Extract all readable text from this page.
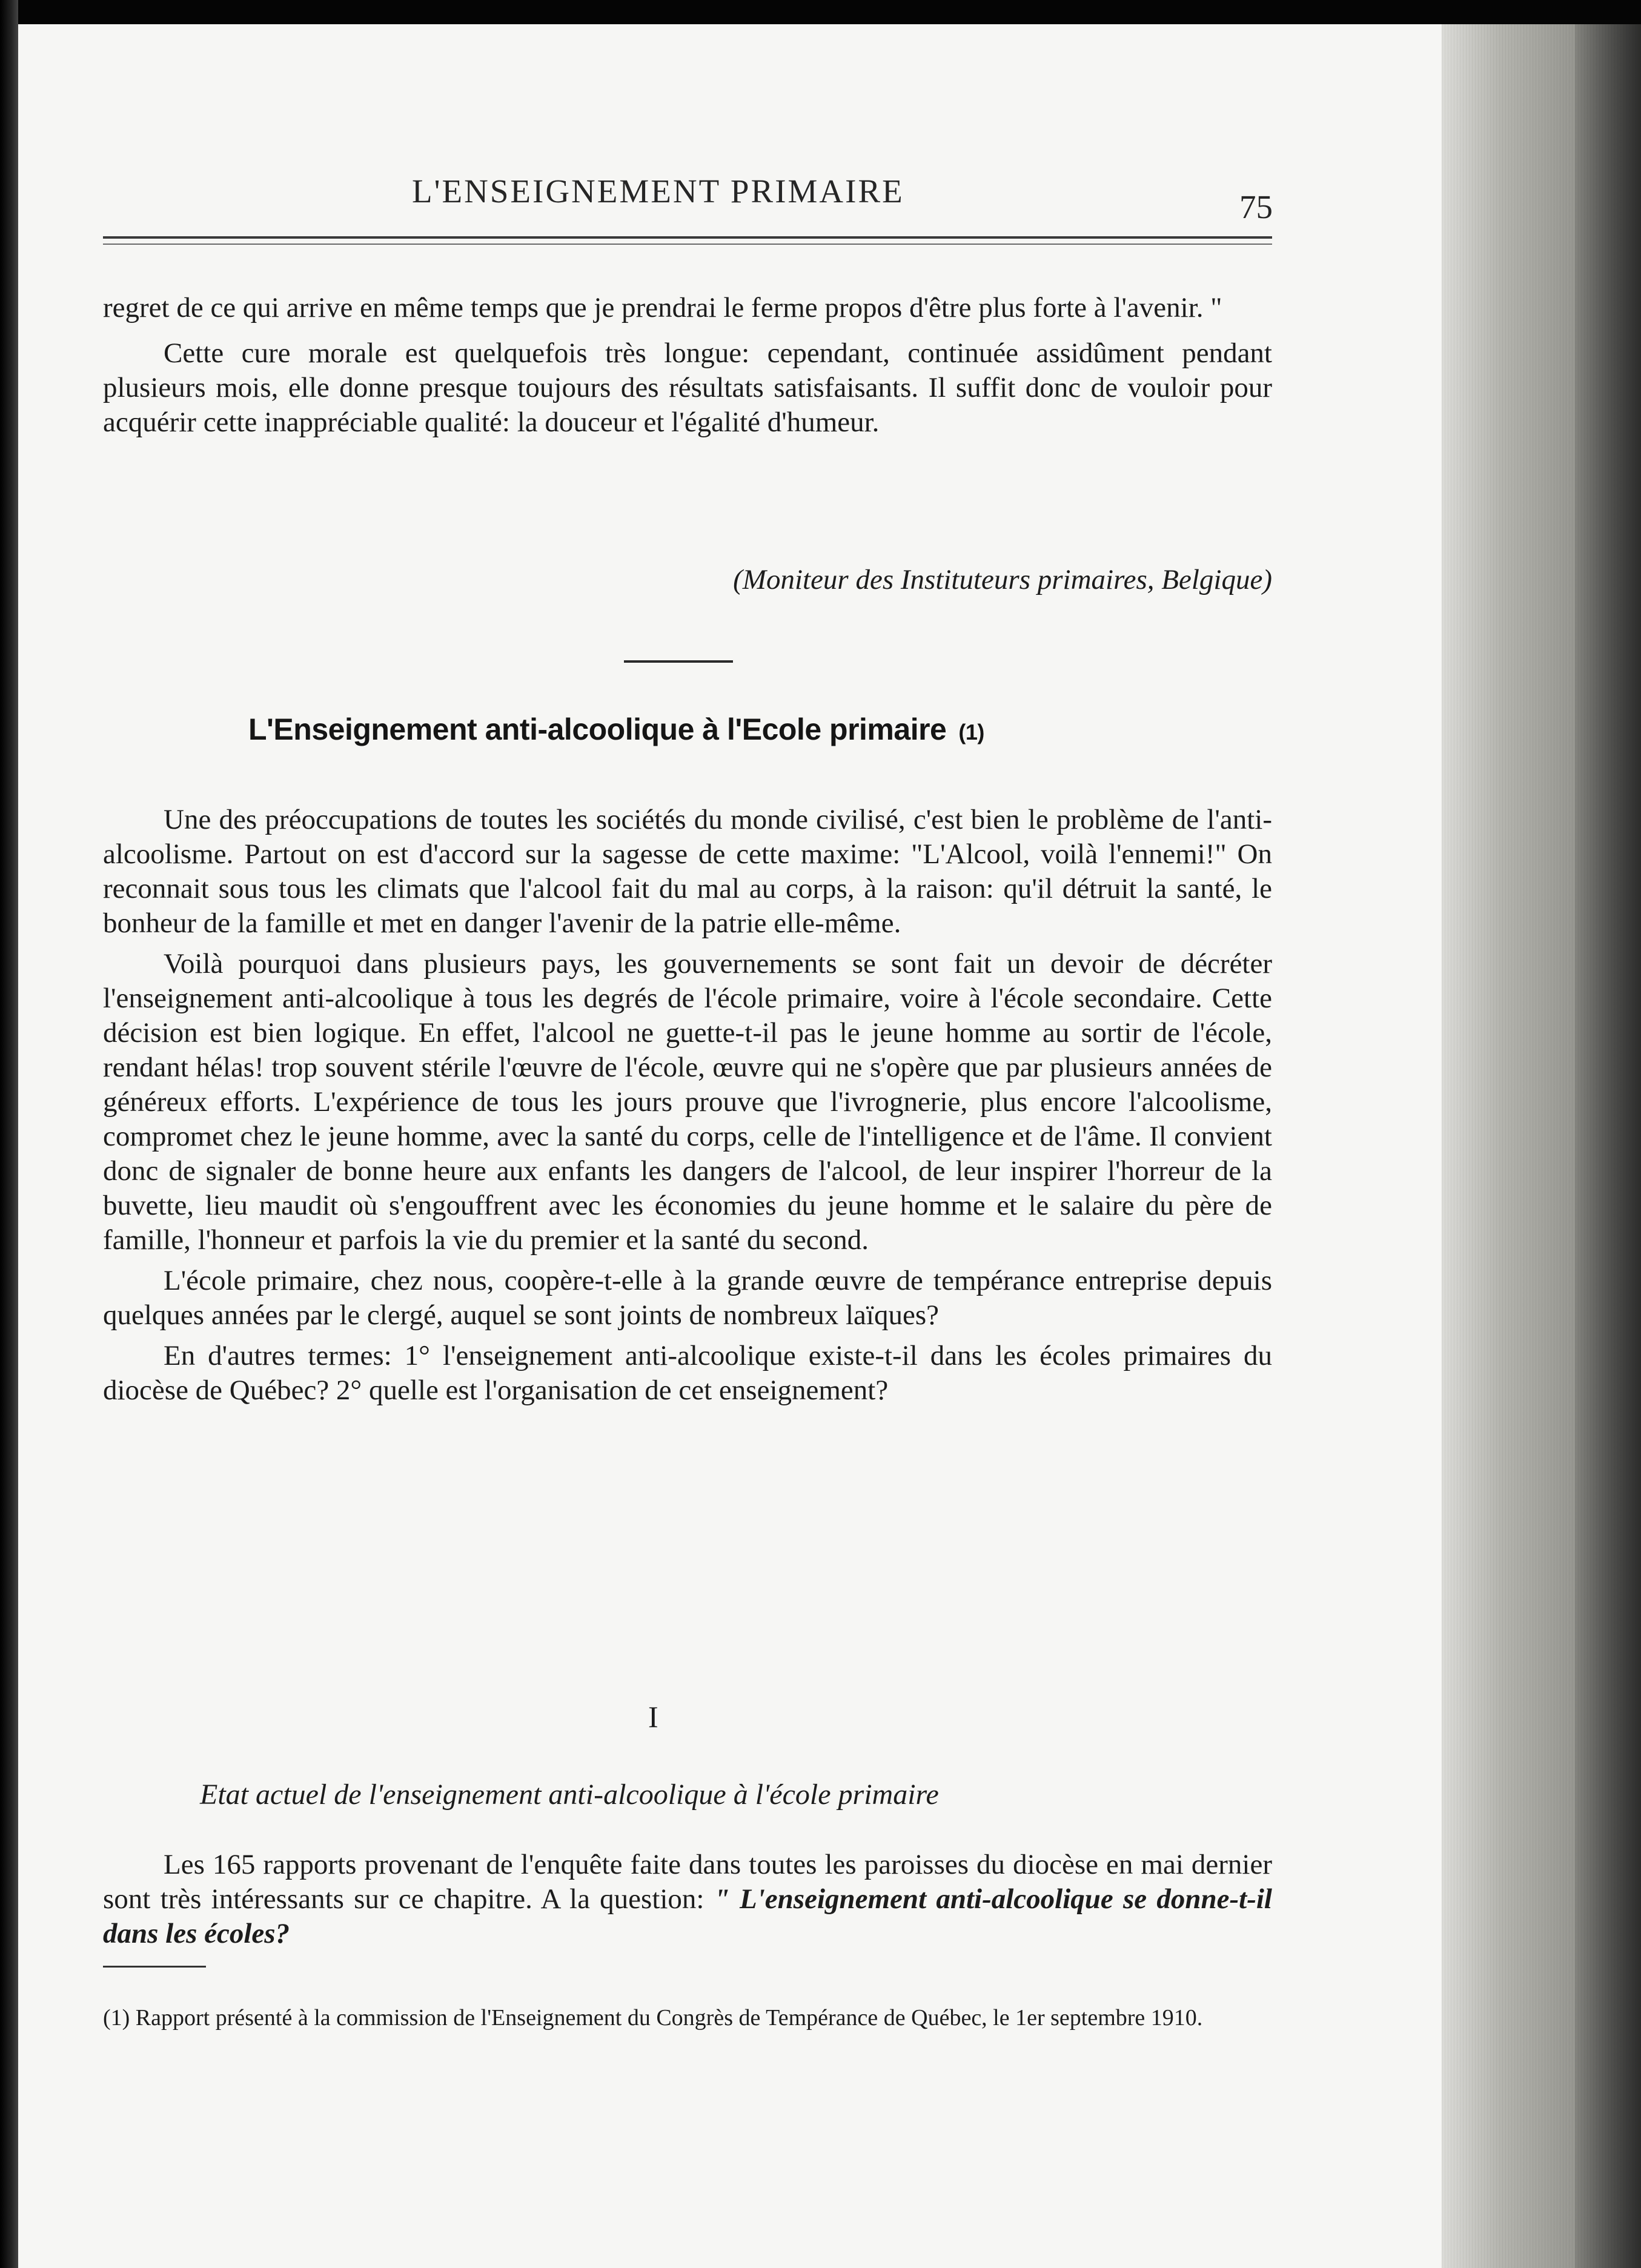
L'ENSEIGNEMENT PRIMAIRE	75

regret de ce qui arrive en même temps que je prendrai le ferme propos d'être plus forte à l'avenir. "

Cette cure morale est quelquefois très longue: cependant, continuée assidûment pendant plusieurs mois, elle donne presque toujours des résultats satisfaisants. Il suffit donc de vouloir pour acquérir cette inappréciable qualité: la douceur et l'égalité d'humeur.

(Moniteur des Instituteurs primaires, Belgique)
L'Enseignement anti-alcoolique à l'Ecole primaire (1)

Une des préoccupations de toutes les sociétés du monde civilisé, c'est bien le problème de l'anti-alcoolisme. Partout on est d'accord sur la sagesse de cette maxime: "L'Alcool, voilà l'ennemi!" On reconnait sous tous les climats que l'alcool fait du mal au corps, à la raison: qu'il détruit la santé, le bonheur de la famille et met en danger l'avenir de la patrie elle-même.

Voilà pourquoi dans plusieurs pays, les gouvernements se sont fait un devoir de décréter l'enseignement anti-alcoolique à tous les degrés de l'école primaire, voire à l'école secondaire. Cette décision est bien logique. En effet, l'alcool ne guette-t-il pas le jeune homme au sortir de l'école, rendant hélas! trop souvent stérile l'œuvre de l'école, œuvre qui ne s'opère que par plusieurs années de généreux efforts. L'expérience de tous les jours prouve que l'ivrognerie, plus encore l'alcoolisme, compromet chez le jeune homme, avec la santé du corps, celle de l'intelligence et de l'âme. Il convient donc de signaler de bonne heure aux enfants les dangers de l'alcool, de leur inspirer l'horreur de la buvette, lieu maudit où s'engouffrent avec les économies du jeune homme et le salaire du père de famille, l'honneur et parfois la vie du premier et la santé du second.

L'école primaire, chez nous, coopère-t-elle à la grande œuvre de tempérance entreprise depuis quelques années par le clergé, auquel se sont joints de nombreux laïques?

En d'autres termes: 1° l'enseignement anti-alcoolique existe-t-il dans les écoles primaires du diocèse de Québec? 2° quelle est l'organisation de cet enseignement?

I
Etat actuel de l'enseignement anti-alcoolique à l'école primaire

Les 165 rapports provenant de l'enquête faite dans toutes les paroisses du diocèse en mai dernier sont très intéressants sur ce chapitre. A la question: " L'enseignement anti-alcoolique se donne-t-il dans les écoles?

(1) Rapport présenté à la commission de l'Enseignement du Congrès de Tempérance de Québec, le 1er septembre 1910.
